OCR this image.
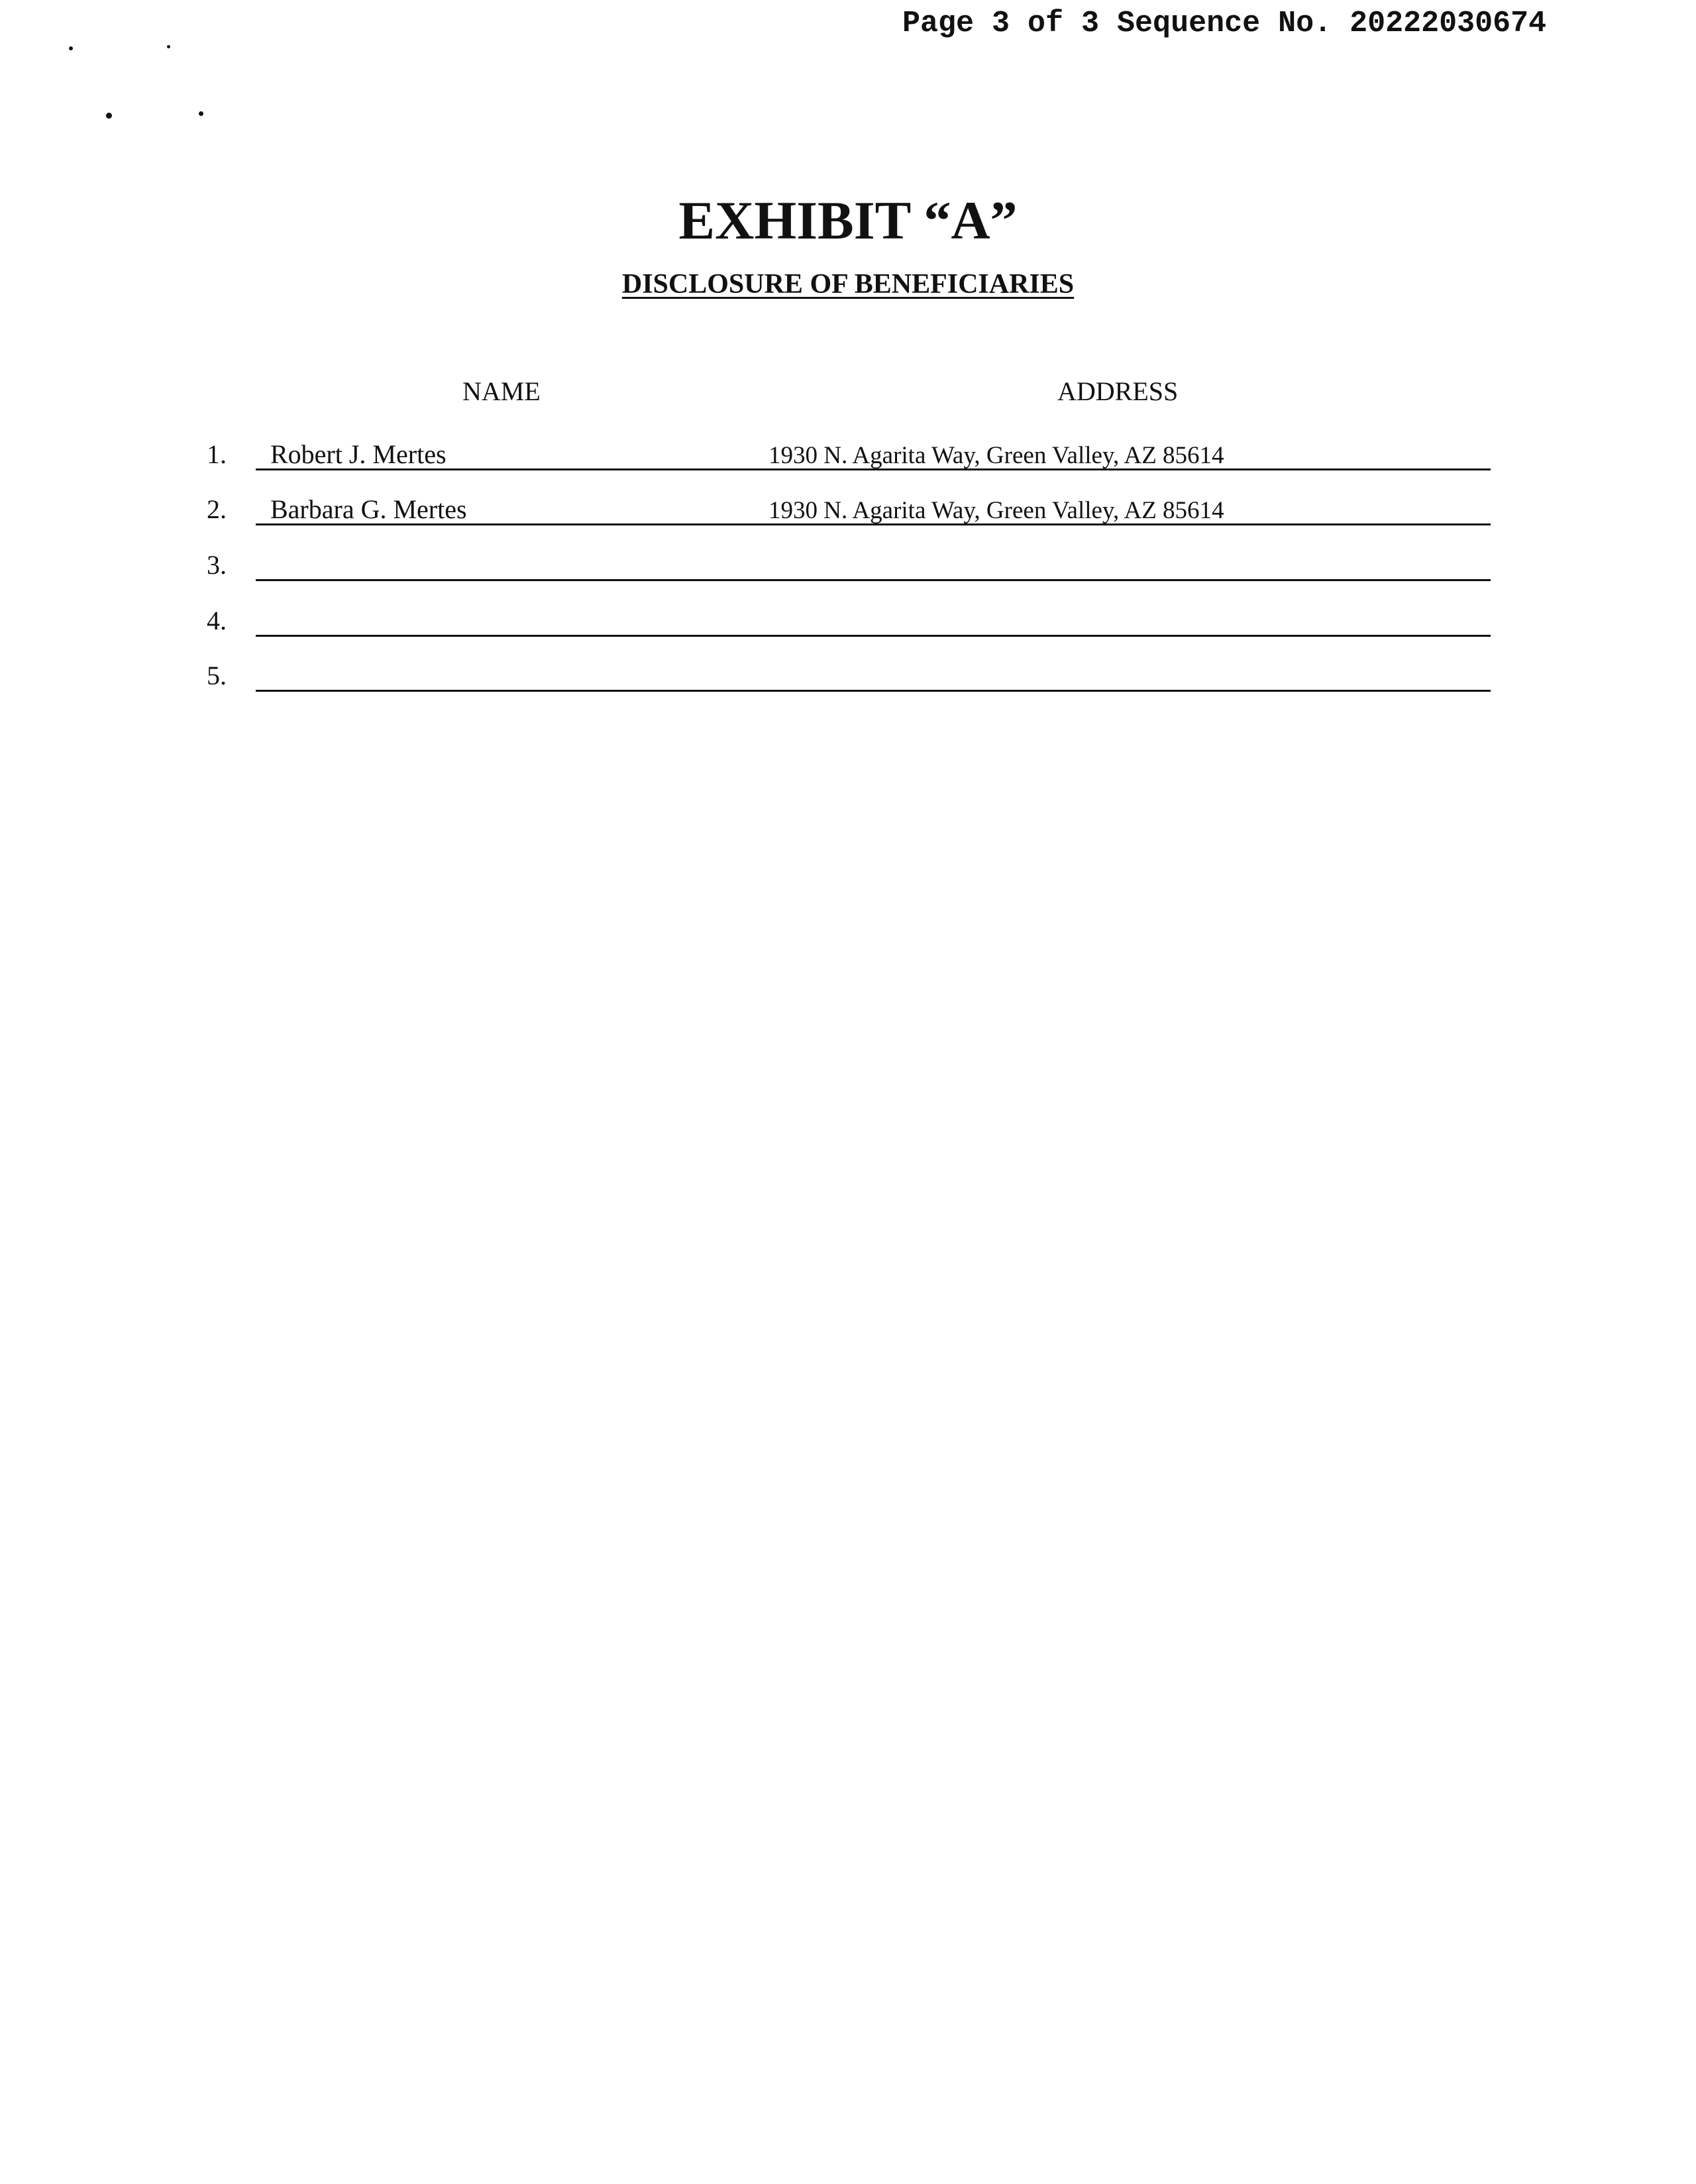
Page 3 of 3 Sequence No. 20222030674
EXHIBIT “A”
DISCLOSURE OF BENEFICIARIES
NAME	ADDRESS
1. Robert J. Mertes	1930 N. Agarita Way, Green Valley, AZ 85614
2. Barbara G. Mertes	1930 N. Agarita Way, Green Valley, AZ 85614
3.
4.
5.
